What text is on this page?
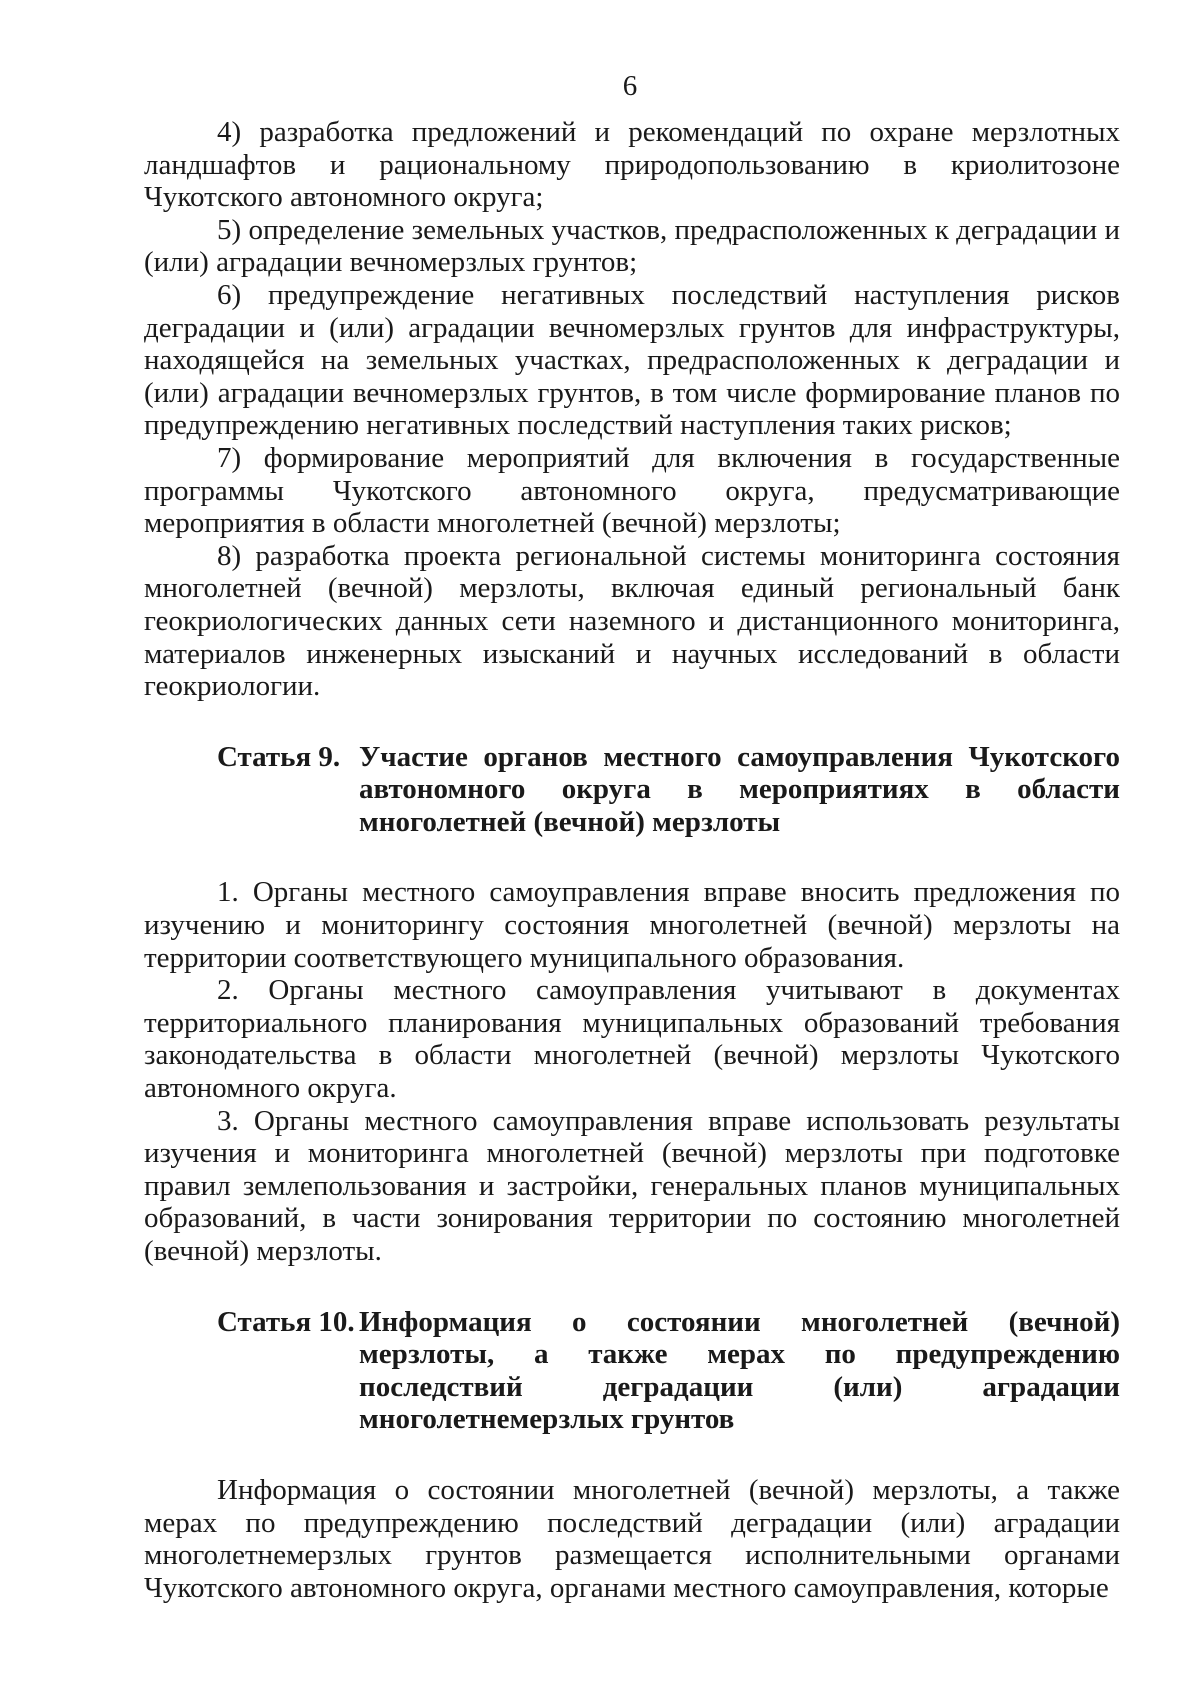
6

4) разработка предложений и рекомендаций по охране мерзлотных ландшафтов и рациональному природопользованию в криолитозоне Чукотского автономного округа;

5) определение земельных участков, предрасположенных к деградации и (или) аградации вечномерзлых грунтов;

6) предупреждение негативных последствий наступления рисков деградации и (или) аградации вечномерзлых грунтов для инфраструктуры, находящейся на земельных участках, предрасположенных к деградации и (или) аградации вечномерзлых грунтов, в том числе формирование планов по предупреждению негативных последствий наступления таких рисков;

7) формирование мероприятий для включения в государственные программы Чукотского автономного округа, предусматривающие мероприятия в области многолетней (вечной) мерзлоты;

8) разработка проекта региональной системы мониторинга состояния многолетней (вечной) мерзлоты, включая единый региональный банк геокриологических данных сети наземного и дистанционного мониторинга, материалов инженерных изысканий и научных исследований в области геокриологии.

Статья 9. Участие органов местного самоуправления Чукотского автономного округа в мероприятиях в области многолетней (вечной) мерзлоты

1. Органы местного самоуправления вправе вносить предложения по изучению и мониторингу состояния многолетней (вечной) мерзлоты на территории соответствующего муниципального образования.

2. Органы местного самоуправления учитывают в документах территориального планирования муниципальных образований требования законодательства в области многолетней (вечной) мерзлоты Чукотского автономного округа.

3. Органы местного самоуправления вправе использовать результаты изучения и мониторинга многолетней (вечной) мерзлоты при подготовке правил землепользования и застройки, генеральных планов муниципальных образований, в части зонирования территории по состоянию многолетней (вечной) мерзлоты.

Статья 10. Информация о состоянии многолетней (вечной) мерзлоты, а также мерах по предупреждению последствий деградации (или) аградации многолетнемерзлых грунтов

Информация о состоянии многолетней (вечной) мерзлоты, а также мерах по предупреждению последствий деградации (или) аградации многолетнемерзлых грунтов размещается исполнительными органами Чукотского автономного округа, органами местного самоуправления, которые
